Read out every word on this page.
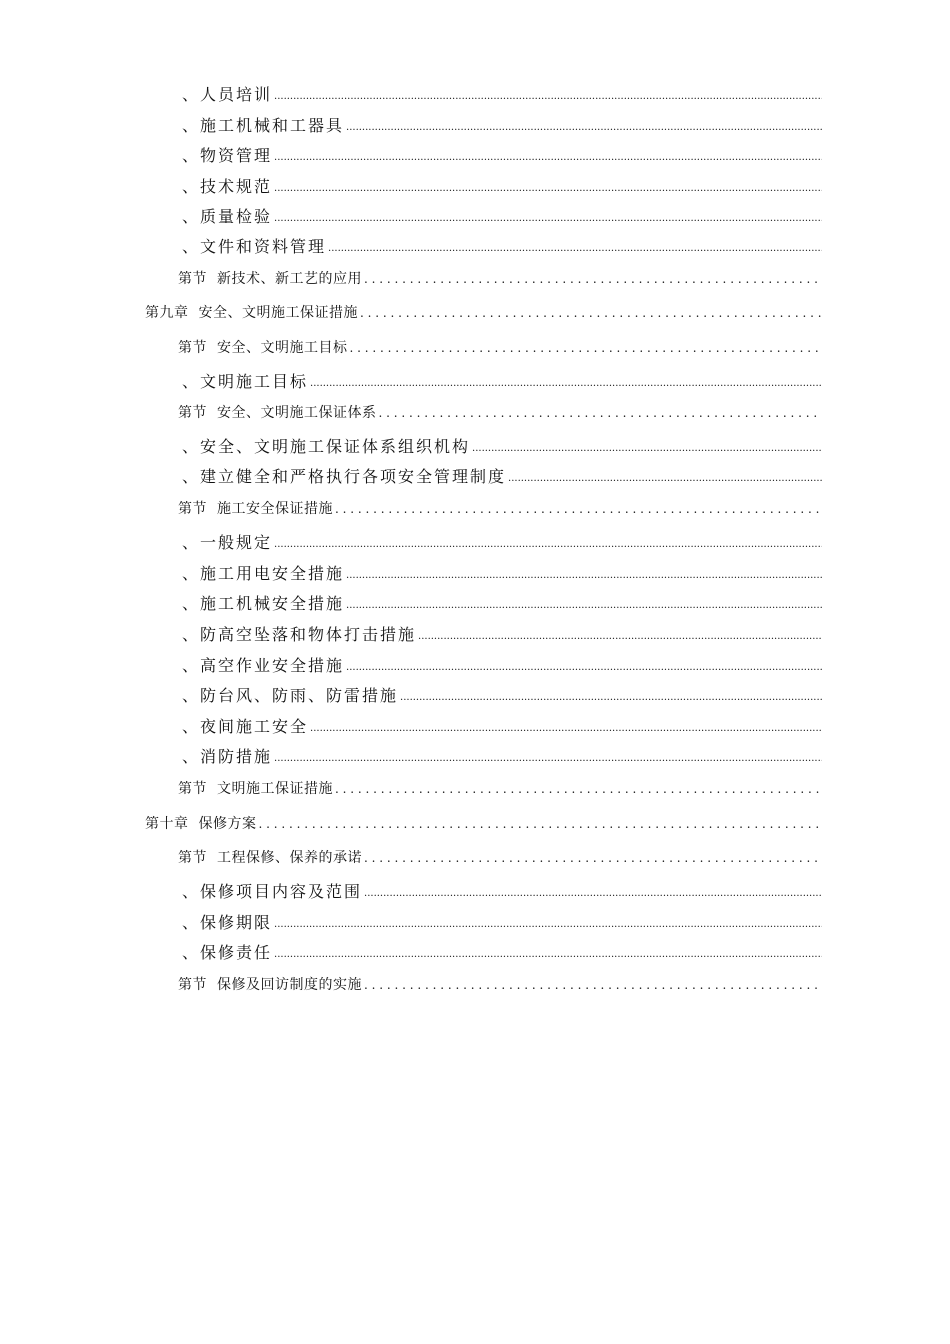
、 人员培训
.....
、 施工机械和工器具
.....
、 物资管理
.....
、 技术规范
.....
、 质量检验
.....
、 文件和资料管理
.....
第节 新技术、新工艺的应用
. . .
第九章 安全、文明施工保证措施
. . .
第节 安全、文明施工目标
. . .
、 文明施工目标
.....
第节 安全、文明施工保证体系
. . .
、 安全、文明施工保证体系组织机构
.....
、 建立健全和严格执行各项安全管理制度
.....
第节 施工安全保证措施
. . .
、 一般规定
.....
、 施工用电安全措施
.....
、 施工机械安全措施
.....
、 防高空坠落和物体打击措施
.....
、 高空作业安全措施
.....
、 防台风、防雨、防雷措施
.....
、 夜间施工安全
.....
、 消防措施
.....
第节 文明施工保证措施
. . .
第十章 保修方案
. . .
第节 工程保修、保养的承诺
. . .
、 保修项目内容及范围
.....
、 保修期限
.....
、 保修责任
.....
第节 保修及回访制度的实施
. . .
